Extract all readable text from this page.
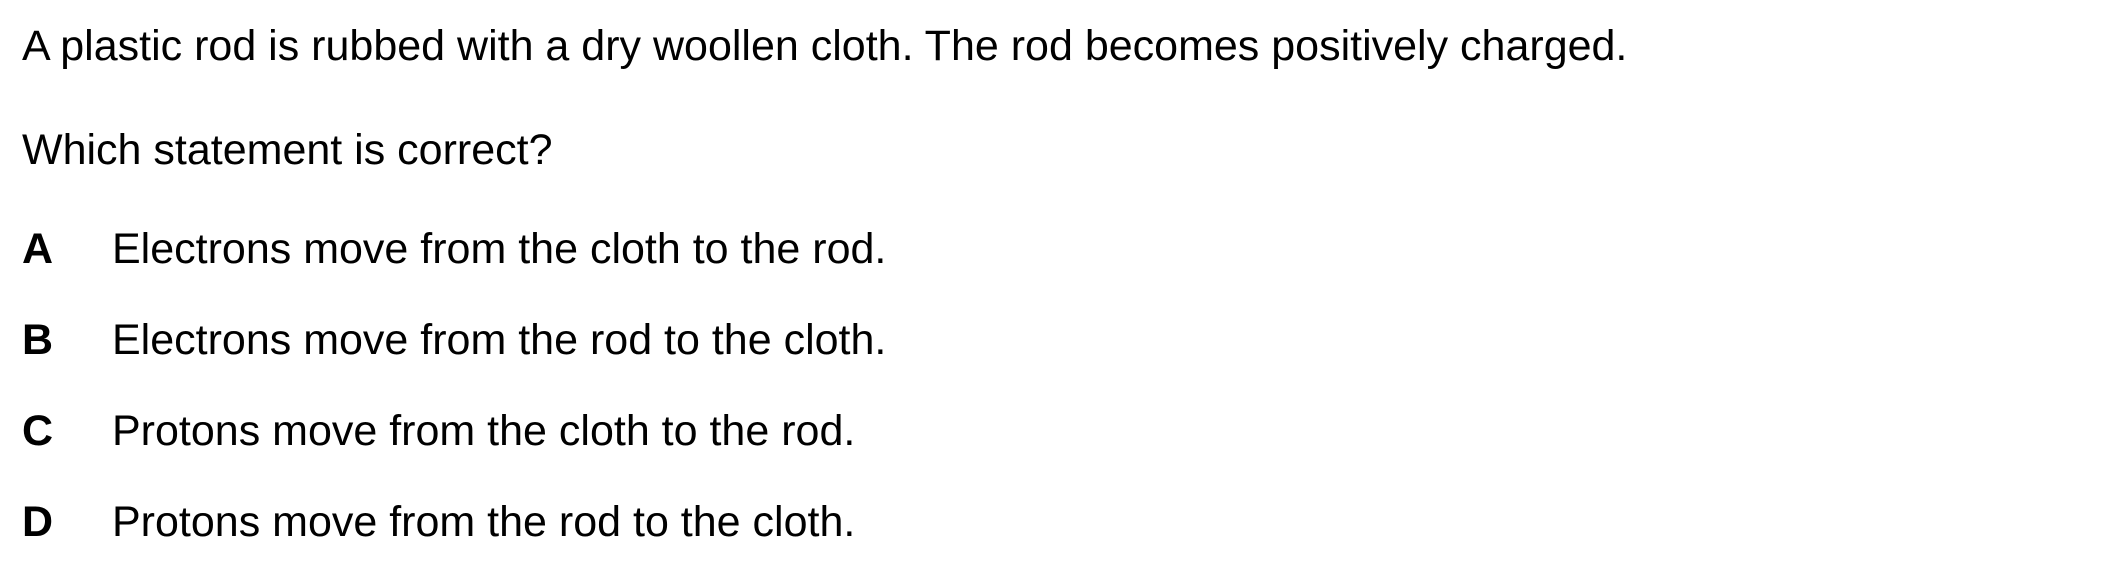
A plastic rod is rubbed with a dry woollen cloth. The rod becomes positively charged.

Which statement is correct?

A	Electrons move from the cloth to the rod.
B	Electrons move from the rod to the cloth.
C	Protons move from the cloth to the rod.
D	Protons move from the rod to the cloth.
